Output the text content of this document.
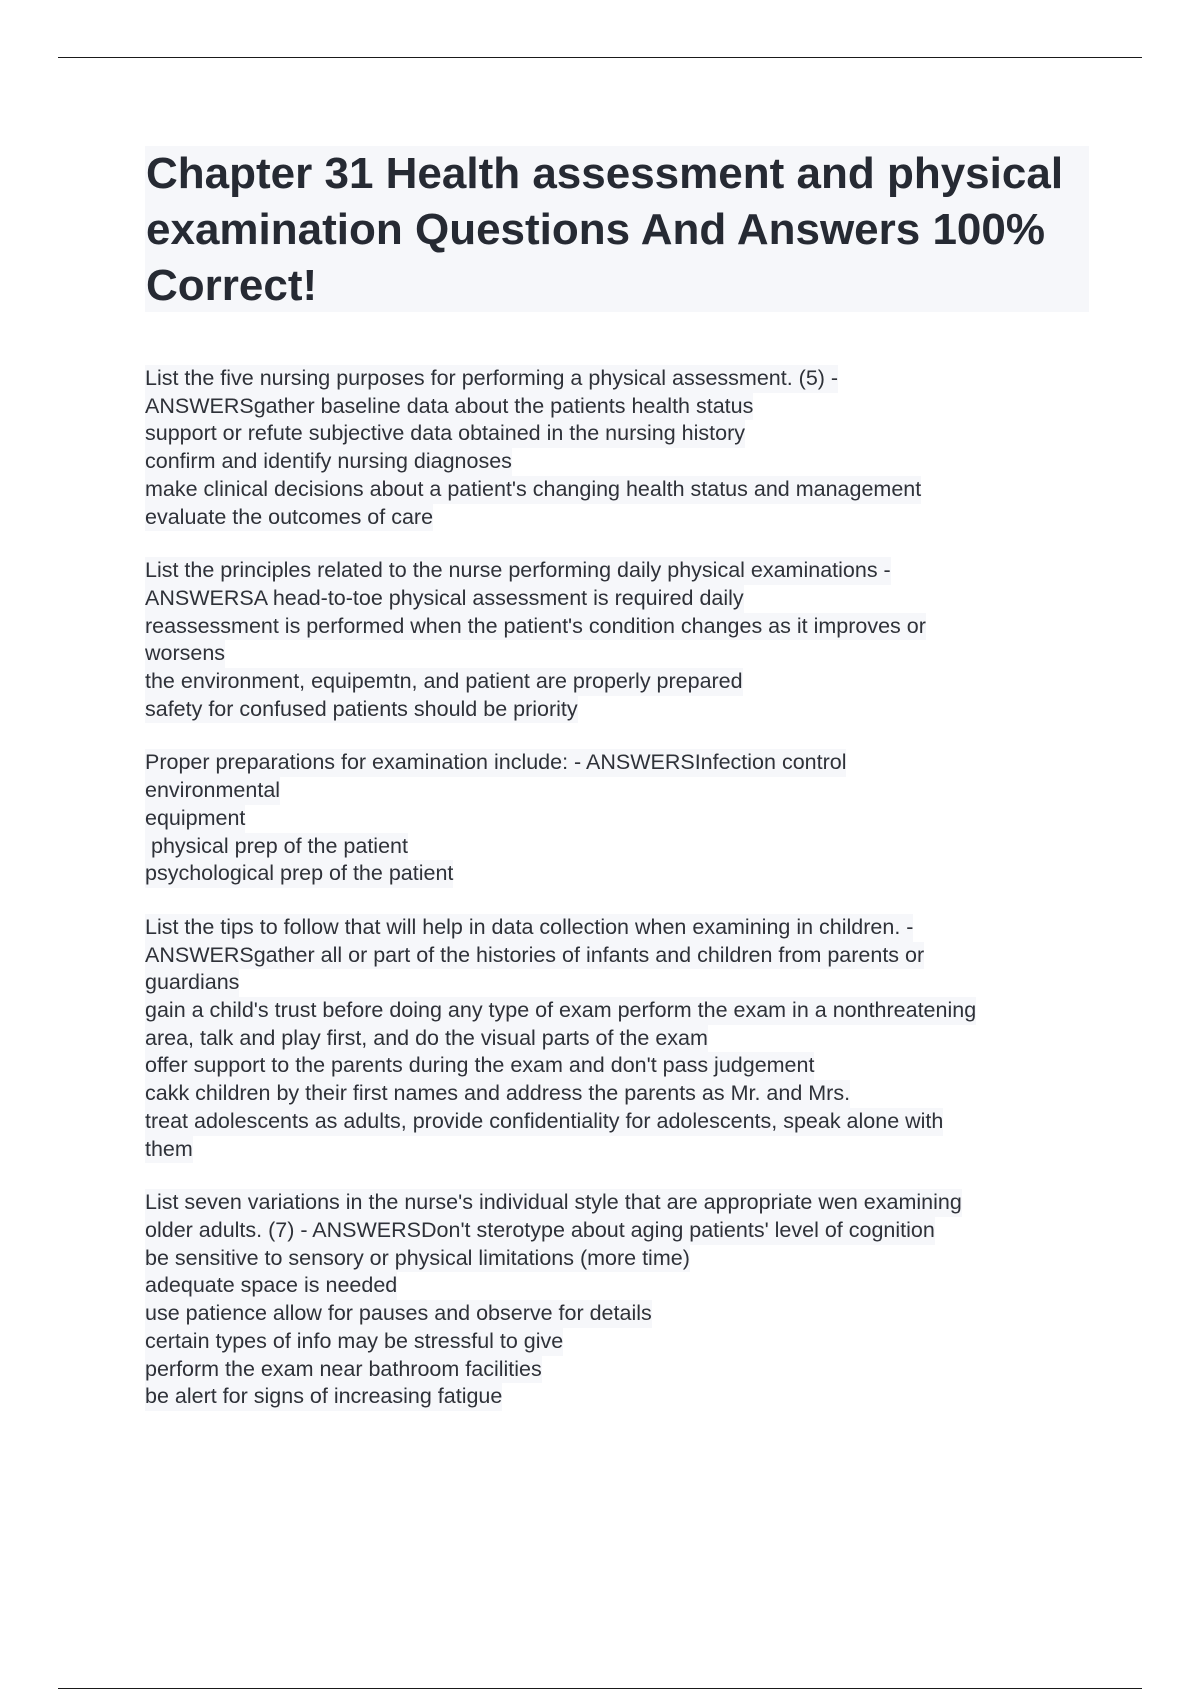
Chapter 31 Health assessment and physical examination Questions And Answers 100% Correct!
List the five nursing purposes for performing a physical assessment. (5) -
ANSWERSgather baseline data about the patients health status
support or refute subjective data obtained in the nursing history
confirm and identify nursing diagnoses
make clinical decisions about a patient's changing health status and management
evaluate the outcomes of care
List the principles related to the nurse performing daily physical examinations -
ANSWERSA head-to-toe physical assessment is required daily
reassessment is performed when the patient's condition changes as it improves or
worsens
the environment, equipemtn, and patient are properly prepared
safety for confused patients should be priority
Proper preparations for examination include: - ANSWERSInfection control
environmental
equipment
physical prep of the patient
psychological prep of the patient
List the tips to follow that will help in data collection when examining in children. -
ANSWERSgather all or part of the histories of infants and children from parents or
guardians
gain a child's trust before doing any type of exam perform the exam in a nonthreatening
area, talk and play first, and do the visual parts of the exam
offer support to the parents during the exam and don't pass judgement
cakk children by their first names and address the parents as Mr. and Mrs.
treat adolescents as adults, provide confidentiality for adolescents, speak alone with
them
List seven variations in the nurse's individual style that are appropriate wen examining
older adults. (7) - ANSWERSDon't sterotype about aging patients' level of cognition
be sensitive to sensory or physical limitations (more time)
adequate space is needed
use patience allow for pauses and observe for details
certain types of info may be stressful to give
perform the exam near bathroom facilities
be alert for signs of increasing fatigue
